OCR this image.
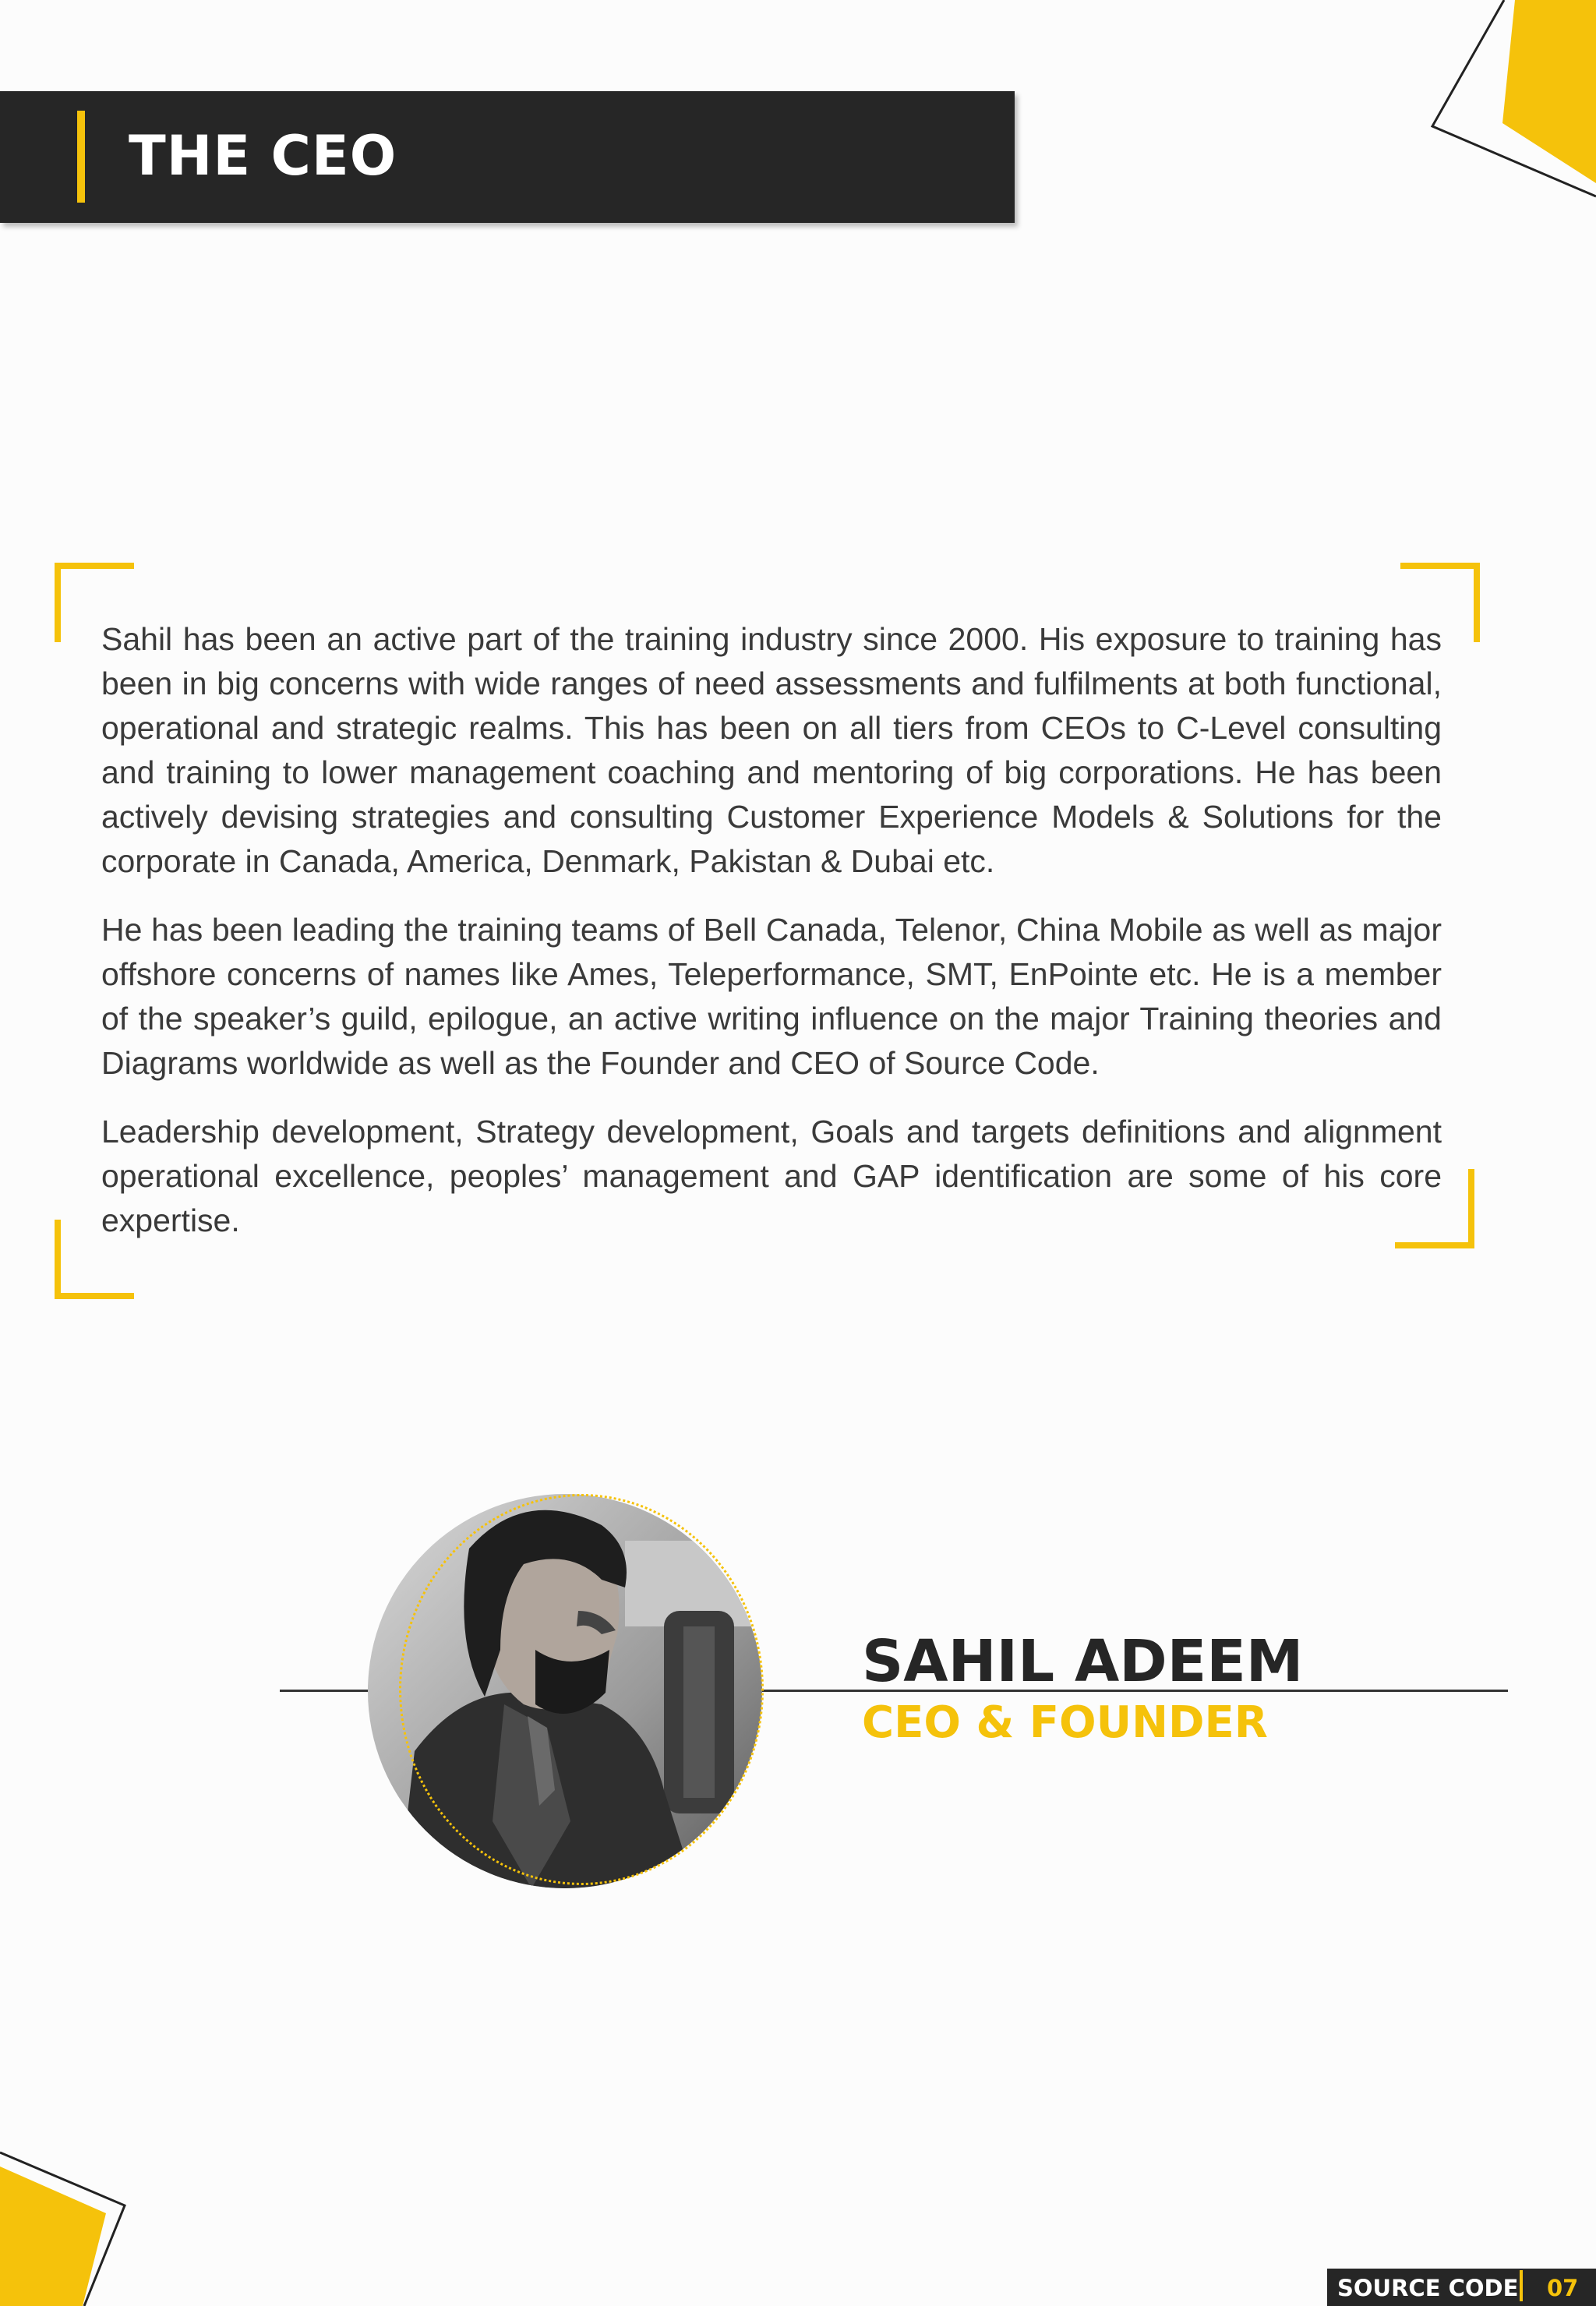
THE CEO

Sahil has been an active part of the training industry since 2000. His exposure to training has been in big concerns with wide ranges of need assessments and fulfilments at both functional, operational and strategic realms. This has been on all tiers from CEOs to C-Level consulting and training to lower management coaching and mentoring of big corporations. He has been actively devising strategies and consulting Customer Experience Models & Solutions for the corporate in Canada, America, Denmark, Pakistan & Dubai etc.

He has been leading the training teams of Bell Canada, Telenor, China Mobile as well as major offshore concerns of names like Ames, Teleperformance, SMT, EnPointe etc. He is a member of the speaker’s guild, epilogue, an active writing influence on the major Training theories and Diagrams worldwide as well as the Founder and CEO of Source Code.

Leadership development, Strategy development, Goals and targets definitions and alignment operational excellence, peoples’ management and GAP identification are some of his core expertise.

SAHIL ADEEM
CEO & FOUNDER
SOURCE CODE 07
